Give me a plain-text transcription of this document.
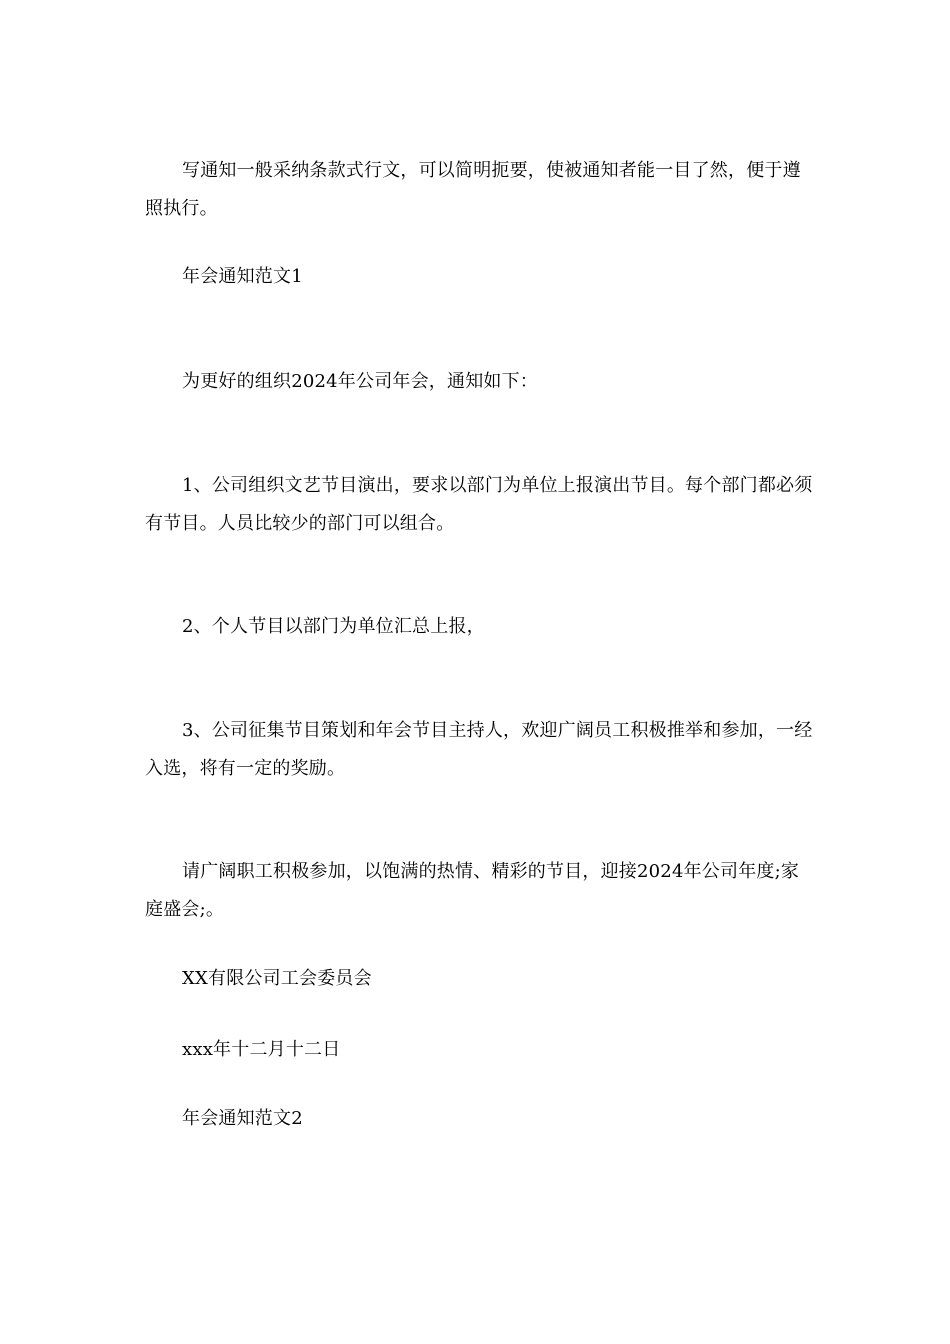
写通知一般采纳条款式行文，可以简明扼要，使被通知者能一目了然，便于遵照执行。

年会通知范文1

为更好的组织2024年公司年会，通知如下：

1、公司组织文艺节目演出，要求以部门为单位上报演出节目。每个部门都必须有节目。人员比较少的部门可以组合。

2、个人节目以部门为单位汇总上报，

3、公司征集节目策划和年会节目主持人，欢迎广阔员工积极推举和参加，一经入选，将有一定的奖励。

请广阔职工积极参加，以饱满的热情、精彩的节目，迎接2024年公司年度;家庭盛会;。

XX有限公司工会委员会

xxx年十二月十二日

年会通知范文2
